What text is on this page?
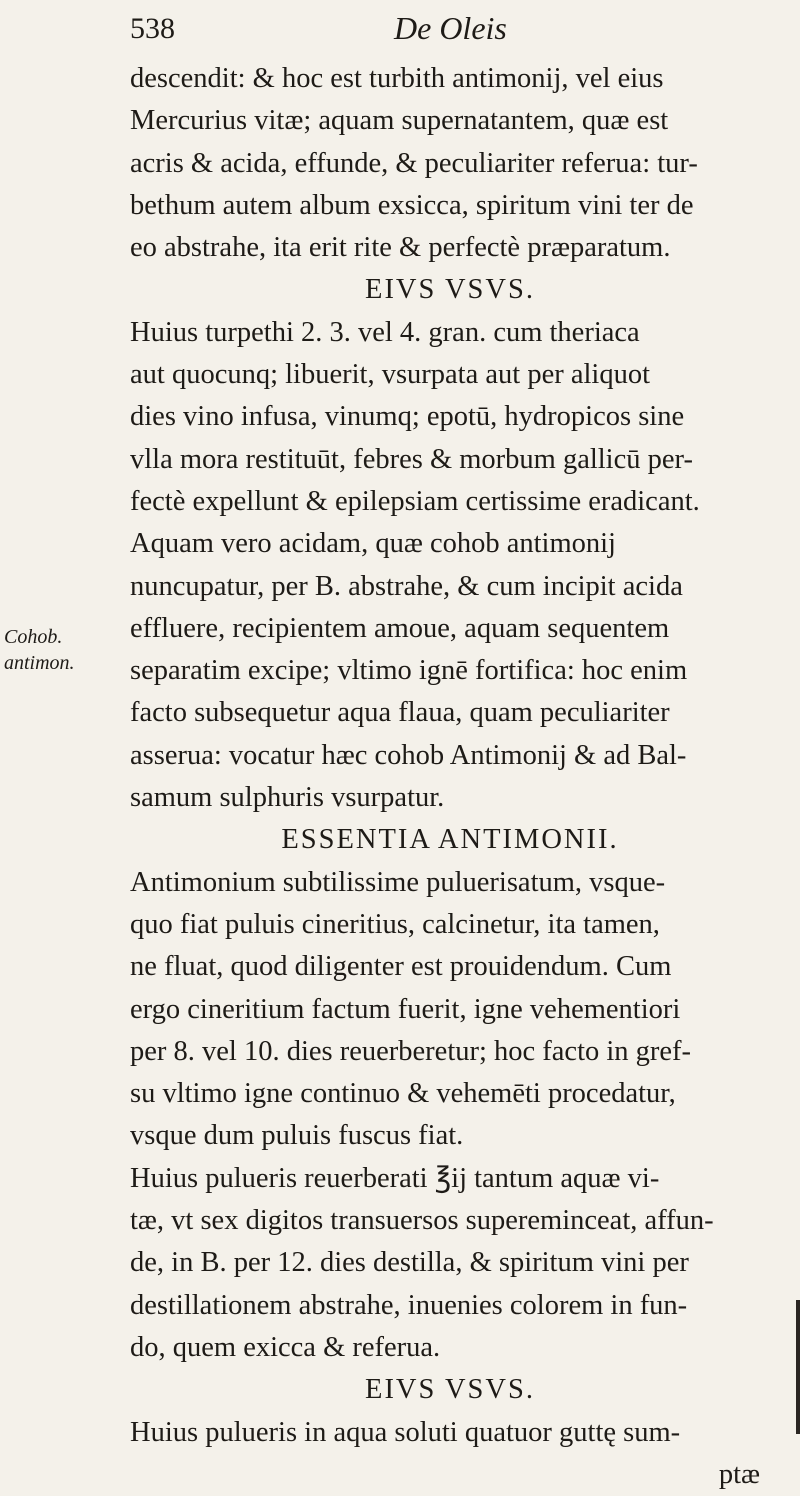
538	De Oleis
Cohob.
antimon.
descendit: & hoc est turbith antimonij, vel eius
Mercurius vitæ; aquam supernatantem, quæ est
acris & acida, effunde, & peculiariter referua: tur-
bethum autem album exsicca, spiritum vini ter de
eo abstrahe, ita erit rite & perfectè præparatum.
EIVS VSVS.
Huius turpethi 2. 3. vel 4. gran. cum theriaca
aut quocunq; libuerit, vsurpata aut per aliquot
dies vino infusa, vinumq; epotū, hydropicos sine
vlla mora restituūt, febres & morbum gallicū per-
fectè expellunt & epilepsiam certissime eradicant.
Aquam vero acidam, quæ cohob antimonij
nuncupatur, per B. abstrahe, & cum incipit acida
effluere, recipientem amoue, aquam sequentem
separatim excipe; vltimo ignē fortifica: hoc enim
facto subsequetur aqua flaua, quam peculiariter
asserua: vocatur hæc cohob Antimonij & ad Bal-
samum sulphuris vsurpatur.
ESSENTIA ANTIMONII.
Antimonium subtilissime puluerisatum, vsque-
quo fiat puluis cineritius, calcinetur, ita tamen,
ne fluat, quod diligenter est prouidendum. Cum
ergo cineritium factum fuerit, igne vehementiori
per 8. vel 10. dies reuerberetur; hoc facto in gref-
su vltimo igne continuo & vehemēti procedatur,
vsque dum puluis fuscus fiat.
Huius pulueris reuerberati ℥ij tantum aquæ vi-
tæ, vt sex digitos transuersos supereminceat, affun-
de, in B. per 12. dies destilla, & spiritum vini per
destillationem abstrahe, inuenies colorem in fun-
do, quem exicca & referua.
EIVS VSVS.
Huius pulueris in aqua soluti quatuor guttę sum-
ptæ
